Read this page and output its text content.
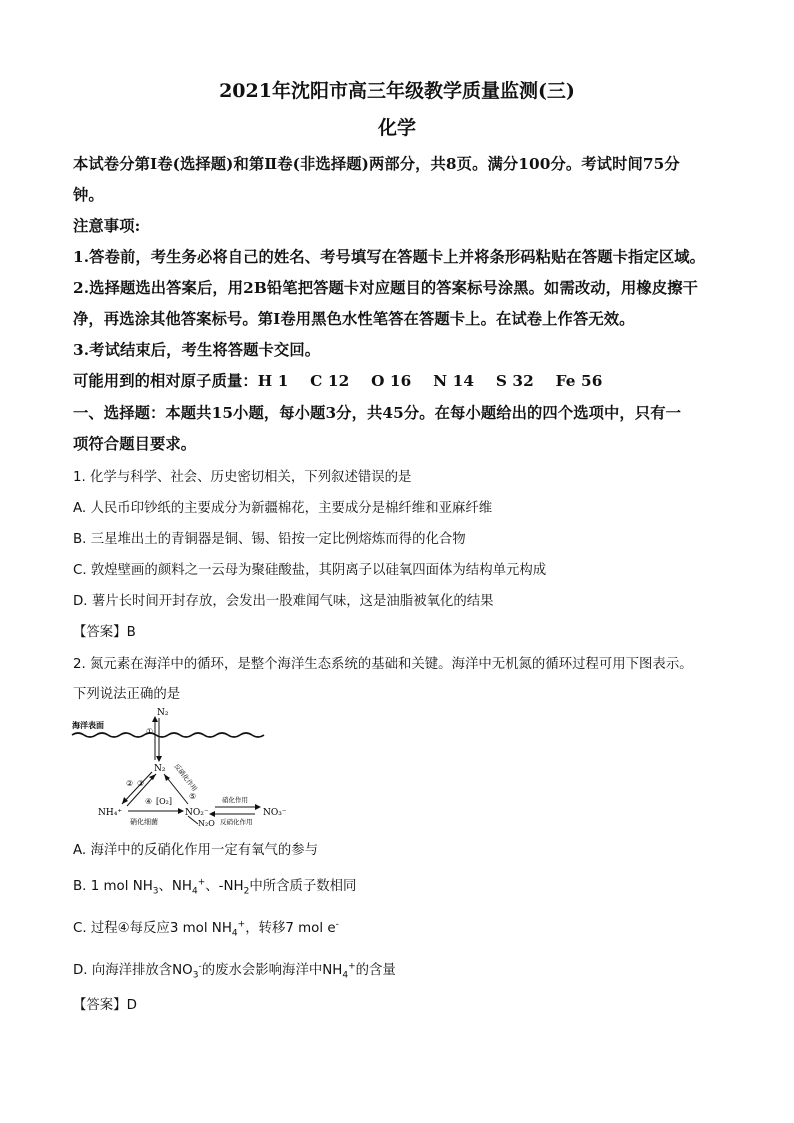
2021年沈阳市高三年级教学质量监测(三)
化学
本试卷分第Ⅰ卷(选择题)和第Ⅱ卷(非选择题)两部分，共8页。满分100分。考试时间75分
钟。
注意事项:
1.答卷前，考生务必将自己的姓名、考号填写在答题卡上并将条形码粘贴在答题卡指定区域。
2.选择题选出答案后，用2B铅笔把答题卡对应题目的答案标号涂黑。如需改动，用橡皮擦干
净，再选涂其他答案标号。第Ⅰ卷用黑色水性笔答在答题卡上。在试卷上作答无效。
3.考试结束后，考生将答题卡交回。
可能用到的相对原子质量：H 1    C 12    O 16    N 14    S 32    Fe 56
一、选择题：本题共15小题，每小题3分，共45分。在每小题给出的四个选项中，只有一
项符合题目要求。
1. 化学与科学、社会、历史密切相关，下列叙述错误的是
A. 人民币印钞纸的主要成分为新疆棉花，主要成分是棉纤维和亚麻纤维
B. 三星堆出土的青铜器是铜、锡、铅按一定比例熔炼而得的化合物
C. 敦煌壁画的颜料之一云母为聚硅酸盐，其阴离子以硅氧四面体为结构单元构成
D. 薯片长时间开封存放，会发出一股难闻气味，这是油脂被氧化的结果
【答案】B
2. 氮元素在海洋中的循环，是整个海洋生态系统的基础和关键。海洋中无机氮的循环过程可用下图表示。
下列说法正确的是
海洋表面
N₂
①
N₂
② ③	反硝化作用
NH₄⁺
[O₂]
④
硝化细菌
NO₂⁻
N₂O
⑤	硝化作用
反硝化作用
NO₃⁻
A. 海洋中的反硝化作用一定有氧气的参与
B. 1 mol $NH_3$、$NH_4^+$、$-NH_2$中所含质子数相同
C. 过程④每反应3 mol $NH_4^+$，转移7 mol e-
D. 向海洋排放含$NO_3^-$的废水会影响海洋中$NH_4^+$的含量
【答案】D
